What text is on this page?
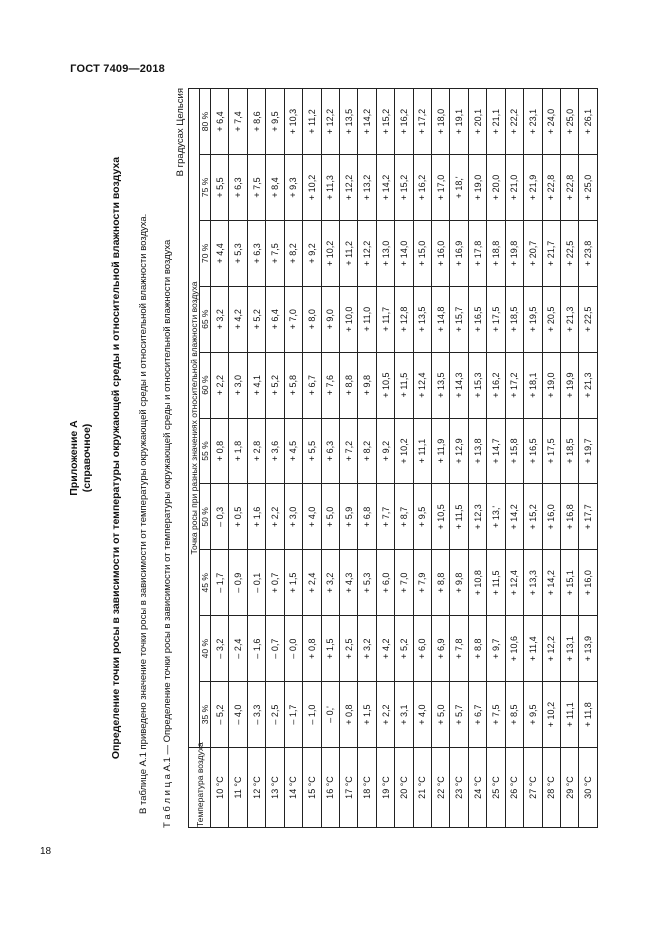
ГОСТ 7409—2018
Приложение А (справочное) Определение точки росы в зависимости от температуры окружающей среды и относительной влажности воздуха В таблице А.1 приведено значение точки росы в зависимости от температуры окружающей среды и относительной влажности воздуха. Т а б л и ц а А.1 — Определение точки росы в зависимости от температуры окружающей среды и относительной влажности воздуха
В градусах Цельсия
Температура воздуха	Точка росы при разных значениях относительной влажности воздуха									
	35 %	40 %	45 %	50 %	55 %	60 %	65 %	70 %	75 %	80 %
10 °С	– 5,2	– 3,2	– 1,7	– 0,3	+ 0,8	+ 2,2	+ 3,2	+ 4,4	+ 5,5	+ 6,4
11 °С	– 4,0	– 2,4	– 0,9	+ 0,5	+ 1,8	+ 3,0	+ 4,2	+ 5,3	+ 6,3	+ 7,4
12 °С	– 3,3	– 1,6	– 0,1	+ 1,6	+ 2,8	+ 4,1	+ 5,2	+ 6,3	+ 7,5	+ 8,6
13 °С	– 2,5	– 0,7	+ 0,7	+ 2,2	+ 3,6	+ 5,2	+ 6,4	+ 7,5	+ 8,4	+ 9,5
14 °С	– 1,7	– 0,0	+ 1,5	+ 3,0	+ 4,5	+ 5,8	+ 7,0	+ 8,2	+ 9,3	+ 10,3
15 °С	– 1,0	+ 0,8	+ 2,4	+ 4,0	+ 5,5	+ 6,7	+ 8,0	+ 9,2	+ 10,2	+ 11,2
16 °С	– 0,'	+ 1,5	+ 3,2	+ 5,0	+ 6,3	+ 7,6	+ 9,0	+ 10,2	+ 11,3	+ 12,2
17 °С	+ 0,8	+ 2,5	+ 4,3	+ 5,9	+ 7,2	+ 8,8	+ 10,0	+ 11,2	+ 12,2	+ 13,5
18 °С	+ 1,5	+ 3,2	+ 5,3	+ 6,8	+ 8,2	+ 9,8	+ 11,0	+ 12,2	+ 13,2	+ 14,2
19 °С	+ 2,2	+ 4,2	+ 6,0	+ 7,7	+ 9,2	+ 10,5	+ 11,7	+ 13,0	+ 14,2	+ 15,2
20 °С	+ 3,1	+ 5,2	+ 7,0	+ 8,7	+ 10,2	+ 11,5	+ 12,8	+ 14,0	+ 15,2	+ 16,2
21 °С	+ 4,0	+ 6,0	+ 7,9	+ 9,5	+ 11,1	+ 12,4	+ 13,5	+ 15,0	+ 16,2	+ 17,2
22 °С	+ 5,0	+ 6,9	+ 8,8	+ 10,5	+ 11,9	+ 13,5	+ 14,8	+ 16,0	+ 17,0	+ 18,0
23 °С	+ 5,7	+ 7,8	+ 9,8	+ 11,5	+ 12,9	+ 14,3	+ 15,7	+ 16,9	+ 18,'	+ 19,1
24 °С	+ 6,7	+ 8,8	+ 10,8	+ 12,3	+ 13,8	+ 15,3	+ 16,5	+ 17,8	+ 19,0	+ 20,1
25 °С	+ 7,5	+ 9,7	+ 11,5	+ 13,'	+ 14,7	+ 16,2	+ 17,5	+ 18,8	+ 20,0	+ 21,1
26 °С	+ 8,5	+ 10,6	+ 12,4	+ 14,2	+ 15,8	+ 17,2	+ 18,5	+ 19,8	+ 21,0	+ 22,2
27 °С	+ 9,5	+ 11,4	+ 13,3	+ 15,2	+ 16,5	+ 18,1	+ 19,5	+ 20,7	+ 21,9	+ 23,1
28 °С	+ 10,2	+ 12,2	+ 14,2	+ 16,0	+ 17,5	+ 19,0	+ 20,5	+ 21,7	+ 22,8	+ 24,0
29 °С	+ 11,1	+ 13,1	+ 15,1	+ 16,8	+ 18,5	+ 19,9	+ 21,3	+ 22,5	+ 22,8	+ 25,0
30 °С	+ 11,8	+ 13,9	+ 16,0	+ 17,7	+ 19,7	+ 21,3	+ 22,5	+ 23,8	+ 25,0	+ 26,1
18
